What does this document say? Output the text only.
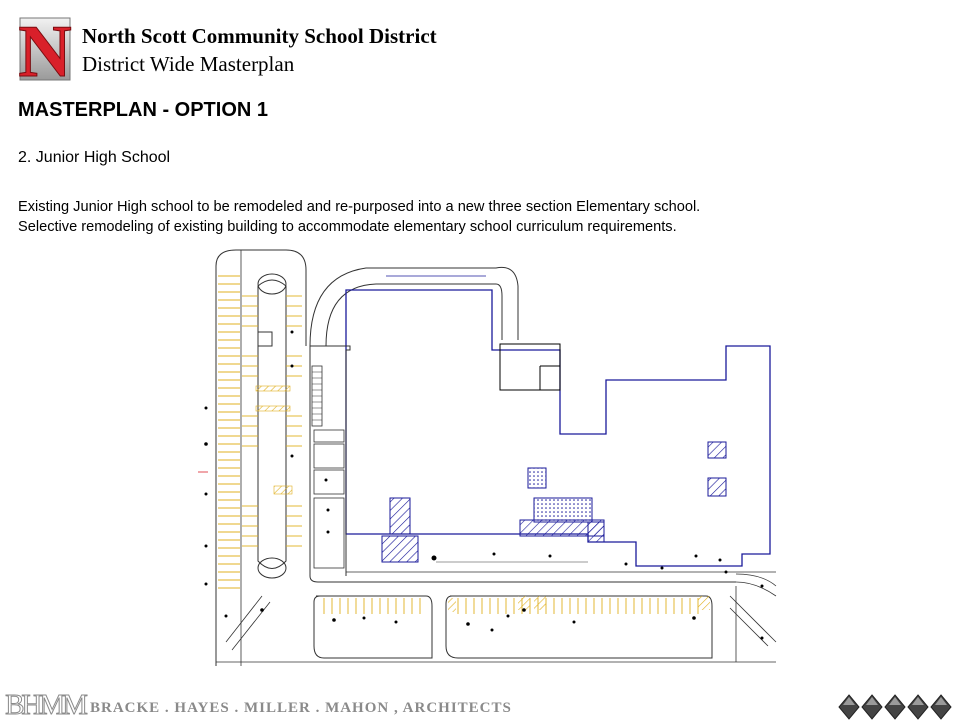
N North Scott Community School District
District Wide Masterplan
MASTERPLAN - OPTION 1
2. Junior High School
Existing Junior High school to be remodeled and re-purposed into a new three section Elementary school.
Selective remodeling of existing building to accommodate elementary school curriculum requirements.
BHMM BRACKE . HAYES . MILLER . MAHON , ARCHITECTS
